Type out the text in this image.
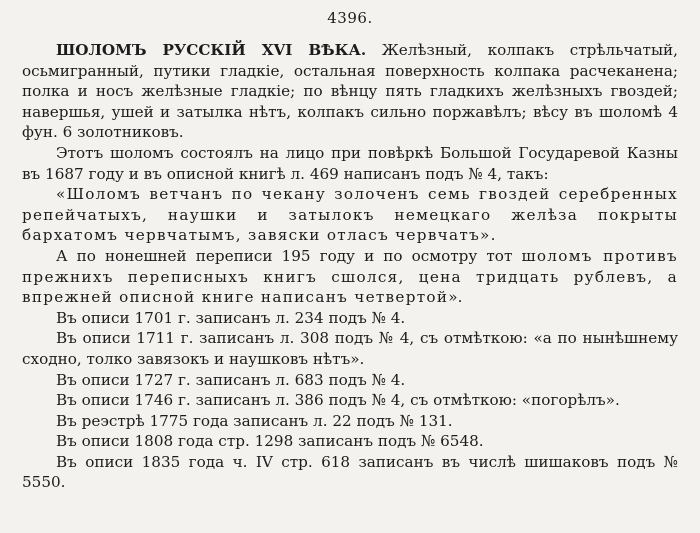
4396.

ШОЛОМЪ РУССКІЙ XVI ВѢКА. Желѣзный, колпакъ стрѣльчатый, осьмигранный, путики гладкіе, остальная поверхность колпака расчеканена; полка и носъ желѣзные гладкіе; по вѣнцу пять гладкихъ желѣзныхъ гвоздей; навершья, ушей и затылка нѣтъ, колпакъ сильно поржавѣлъ; вѣсу въ шоломѣ 4 фун. 6 золотниковъ.

Этотъ шоломъ состоялъ на лицо при повѣркѣ Большой Государевой Казны въ 1687 году и въ описной книгѣ л. 469 написанъ подъ № 4, такъ:

«Шоломъ ветчанъ по чекану золоченъ семь гвоздей серебренных репейчатыхъ, наушки и затылокъ немецкаго желѣза покрыты бархатомъ червчатымъ, завяски отласъ червчатъ».

А по нонешней переписи 195 году и по осмотру тот шоломъ противъ прежнихъ переписныхъ книгъ сшолся, цена тридцать рублевъ, а впрежней описной книге написанъ четвертой».

Въ описи 1701 г. записанъ л. 234 подъ № 4.

Въ описи 1711 г. записанъ л. 308 подъ № 4, съ отмѣткою: «а по нынѣшнему сходно, толко завязокъ и наушковъ нѣтъ».

Въ описи 1727 г. записанъ л. 683 подъ № 4.

Въ описи 1746 г. записанъ л. 386 подъ № 4, съ отмѣткою: «погорѣлъ».

Въ реэстрѣ 1775 года записанъ л. 22 подъ № 131.

Въ описи 1808 года стр. 1298 записанъ подъ № 6548.

Въ описи 1835 года ч. IV стр. 618 записанъ въ числѣ шишаковъ подъ № 5550.
